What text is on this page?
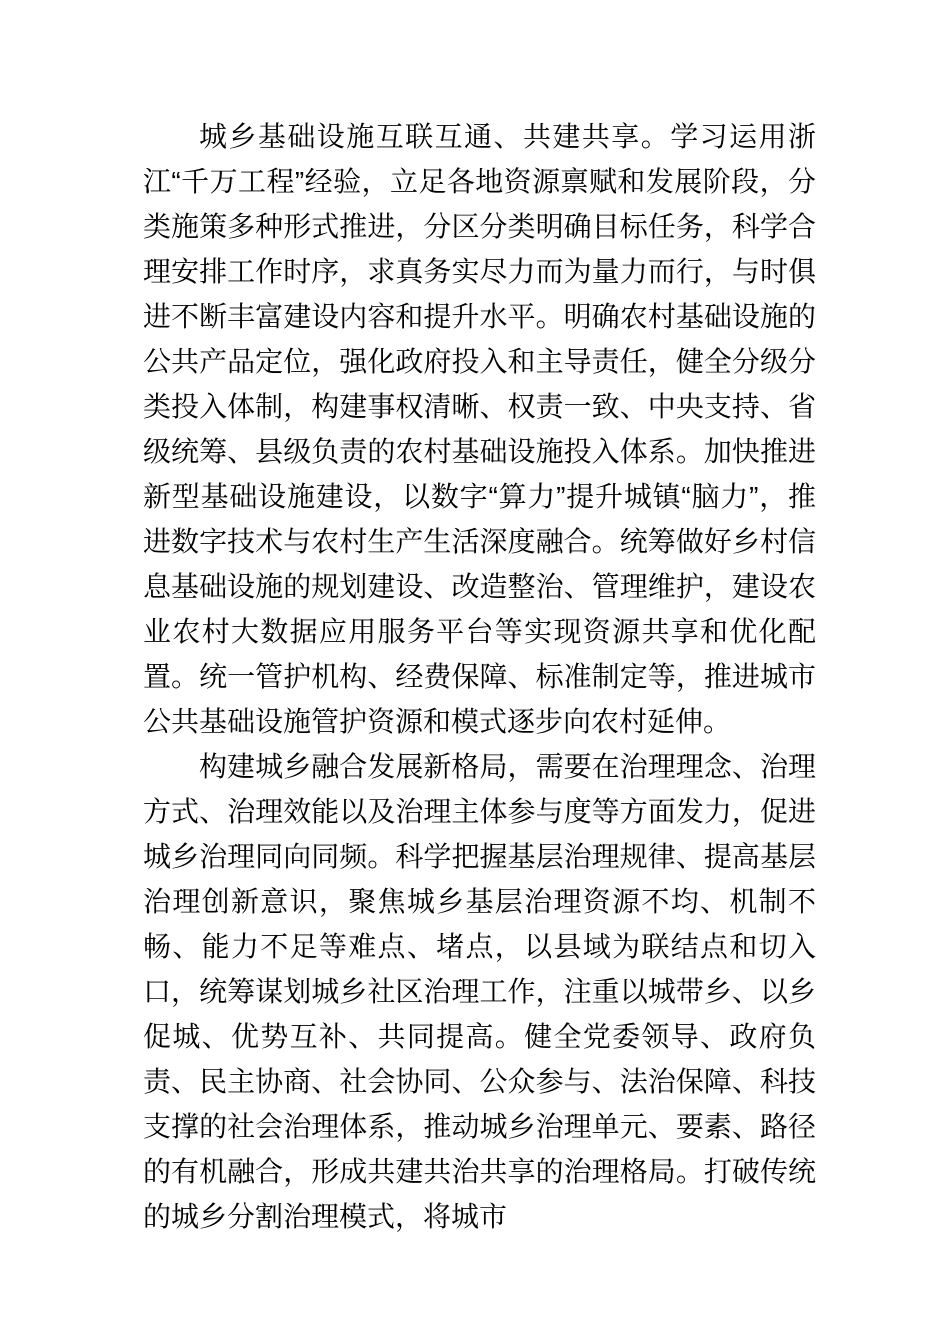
城乡基础设施互联互通、共建共享。学习运用浙江“千万工程”经验，立足各地资源禀赋和发展阶段，分类施策多种形式推进，分区分类明确目标任务，科学合理安排工作时序，求真务实尽力而为量力而行，与时俱进不断丰富建设内容和提升水平。明确农村基础设施的公共产品定位，强化政府投入和主导责任，健全分级分类投入体制，构建事权清晰、权责一致、中央支持、省级统筹、县级负责的农村基础设施投入体系。加快推进新型基础设施建设，以数字“算力”提升城镇“脑力”，推进数字技术与农村生产生活深度融合。统筹做好乡村信息基础设施的规划建设、改造整治、管理维护，建设农业农村大数据应用服务平台等实现资源共享和优化配置。统一管护机构、经费保障、标准制定等，推进城市公共基础设施管护资源和模式逐步向农村延伸。

构建城乡融合发展新格局，需要在治理理念、治理方式、治理效能以及治理主体参与度等方面发力，促进城乡治理同向同频。科学把握基层治理规律、提高基层治理创新意识，聚焦城乡基层治理资源不均、机制不畅、能力不足等难点、堵点，以县域为联结点和切入口，统筹谋划城乡社区治理工作，注重以城带乡、以乡促城、优势互补、共同提高。健全党委领导、政府负责、民主协商、社会协同、公众参与、法治保障、科技支撑的社会治理体系，推动城乡治理单元、要素、路径的有机融合，形成共建共治共享的治理格局。打破传统的城乡分割治理模式，将城市
